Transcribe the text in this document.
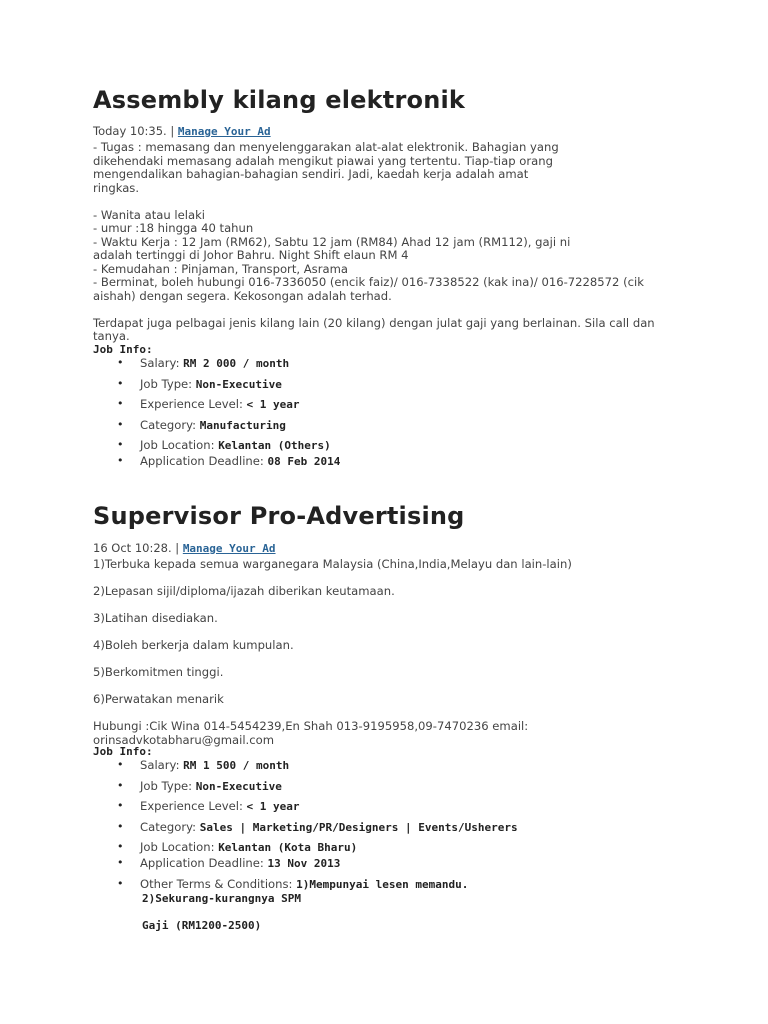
Assembly kilang elektronik
Today 10:35. | Manage Your Ad

- Tugas : memasang dan menyelenggarakan alat-alat elektronik. Bahagian yang

dikehendaki memasang adalah mengikut piawai yang tertentu. Tiap-tiap orang

mengendalikan bahagian-bahagian sendiri. Jadi, kaedah kerja adalah amat

ringkas.

- Wanita atau lelaki

- umur :18 hingga 40 tahun

- Waktu Kerja : 12 Jam (RM62), Sabtu 12 jam (RM84) Ahad 12 jam (RM112), gaji ni

adalah tertinggi di Johor Bahru. Night Shift elaun RM 4

- Kemudahan : Pinjaman, Transport, Asrama

- Berminat, boleh hubungi 016-7336050 (encik faiz)/ 016-7338522 (kak ina)/ 016-7228572 (cik

aishah) dengan segera. Kekosongan adalah terhad.

Terdapat juga pelbagai jenis kilang lain (20 kilang) dengan julat gaji yang berlainan. Sila call dan

tanya.

Job Info:
• Salary: RM 2 000 / month
• Job Type: Non-Executive
• Experience Level: < 1 year
• Category: Manufacturing
• Job Location: Kelantan (Others)
• Application Deadline: 08 Feb 2014
Supervisor Pro-Advertising
16 Oct 10:28. | Manage Your Ad

1)Terbuka kepada semua warganegara Malaysia (China,India,Melayu dan lain-lain)

2)Lepasan sijil/diploma/ijazah diberikan keutamaan.

3)Latihan disediakan.

4)Boleh berkerja dalam kumpulan.

5)Berkomitmen tinggi.

6)Perwatakan menarik

Hubungi :Cik Wina 014-5454239,En Shah 013-9195958,09-7470236 email:

orinsadvkotabharu@gmail.com

Job Info:
• Salary: RM 1 500 / month
• Job Type: Non-Executive
• Experience Level: < 1 year
• Category: Sales | Marketing/PR/Designers | Events/Usherers
• Job Location: Kelantan (Kota Bharu)
• Application Deadline: 13 Nov 2013
• Other Terms & Conditions: 1)Mempunyai lesen memandu.
2)Sekurang-kurangnya SPM

Gaji (RM1200-2500)
